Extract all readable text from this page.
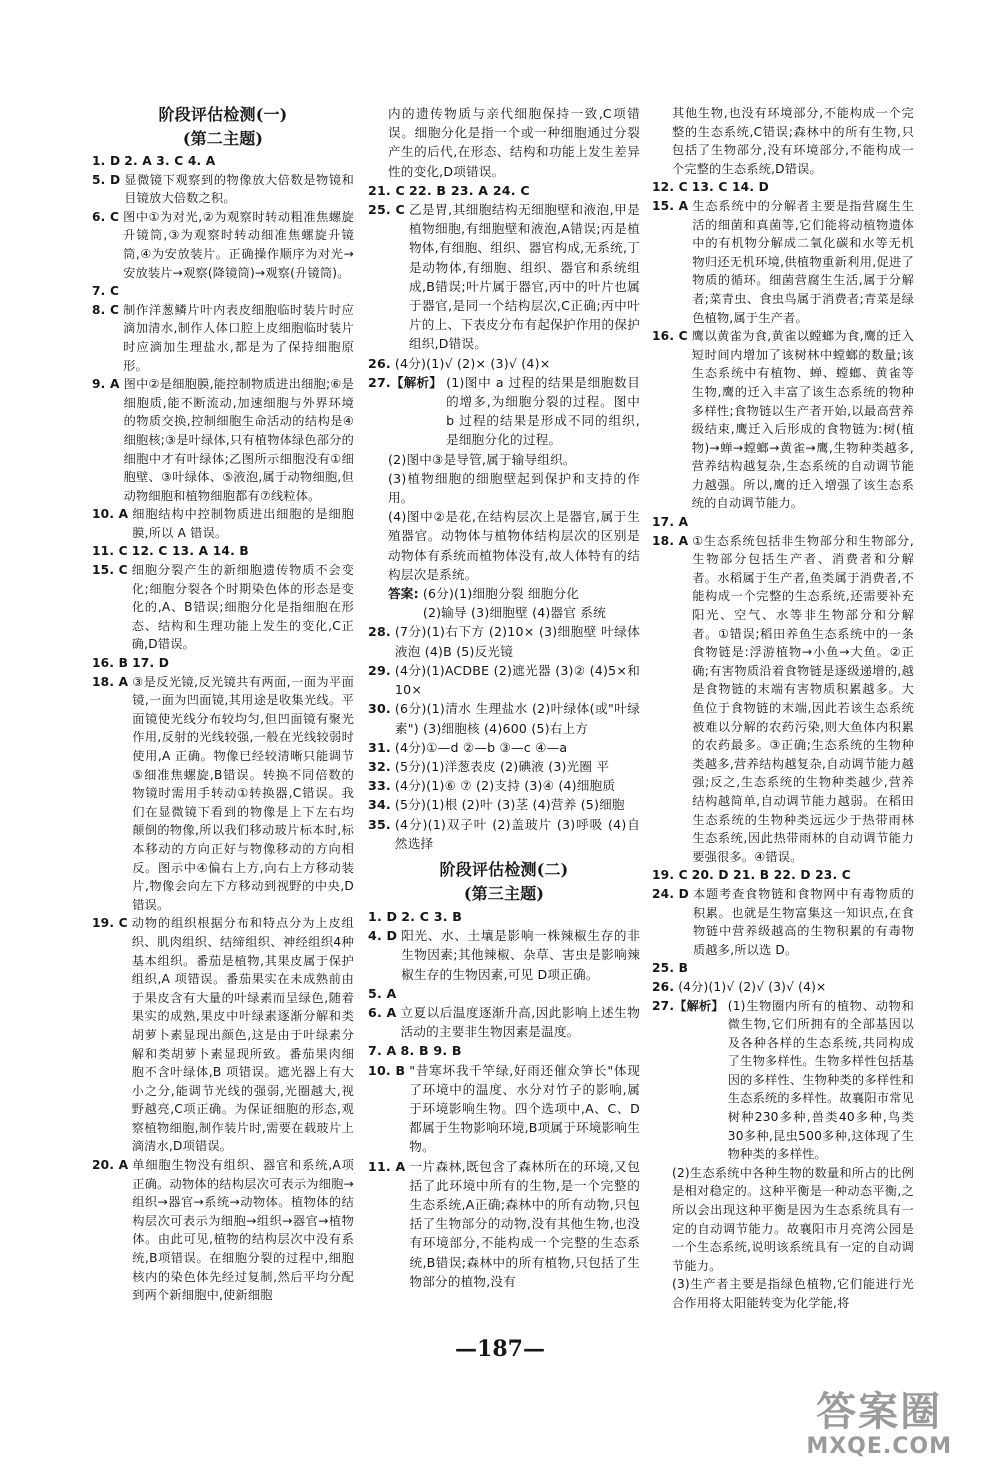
阶段评估检测(一)
(第二主题)
1. D 2. A 3. C 4. A
5. D 显微镜下观察到的物像放大倍数是物镜和目镜放大倍数之积。
6. C 图中①为对光,②为观察时转动粗准焦螺旋升镜筒,③为观察时转动细准焦螺旋升镜筒,④为安放装片。正确操作顺序为对光→安放装片→观察(降镜筒)→观察(升镜筒)。
7. C
8. C 制作洋葱鳞片叶内表皮细胞临时装片时应滴加清水,制作人体口腔上皮细胞临时装片时应滴加生理盐水,都是为了保持细胞原形。
9. A 图中②是细胞膜,能控制物质进出细胞;⑥是细胞质,能不断流动,加速细胞与外界环境的物质交换,控制细胞生命活动的结构是④细胞核;③是叶绿体,只有植物体绿色部分的细胞中才有叶绿体;乙图所示细胞没有①细胞壁、③叶绿体、⑤液泡,属于动物细胞,但动物细胞和植物细胞都有⑦线粒体。
10. A 细胞结构中控制物质进出细胞的是细胞膜,所以 A 错误。
11. C 12. C 13. A 14. B
15. C 细胞分裂产生的新细胞遗传物质不会变化;细胞分裂各个时期染色体的形态是变化的,A、B错误;细胞分化是指细胞在形态、结构和生理功能上发生的变化,C正确,D错误。
16. B 17. D
18. A ③是反光镜,反光镜共有两面,一面为平面镜,一面为凹面镜,其用途是收集光线。平面镜使光线分布较均匀,但凹面镜有聚光作用,反射的光线较强,一般在光线较弱时使用,A 正确。物像已经较清晰只能调节⑤细准焦螺旋,B错误。转换不同倍数的物镜时需用手转动①转换器,C错误。我们在显微镜下看到的物像是上下左右均颠倒的物像,所以我们移动玻片标本时,标本移动的方向正好与物像移动的方向相反。图示中④偏右上方,向右上方移动装片,物像会向左下方移动到视野的中央,D错误。
19. C 动物的组织根据分布和特点分为上皮组织、肌肉组织、结缔组织、神经组织4种基本组织。番茄是植物,其果皮属于保护组织,A 项错误。番茄果实在未成熟前由于果皮含有大量的叶绿素而呈绿色,随着果实的成熟,果皮中叶绿素逐渐分解和类胡萝卜素显现出颜色,这是由于叶绿素分解和类胡萝卜素显现所致。番茄果肉细胞不含叶绿体,B 项错误。遮光器上有大小之分,能调节光线的强弱,光圈越大,视野越亮,C项正确。为保证细胞的形态,观察植物细胞,制作装片时,需要在载玻片上滴清水,D项错误。
20. A 单细胞生物没有组织、器官和系统,A项正确。动物体的结构层次可表示为细胞→组织→器官→系统→动物体。植物体的结构层次可表示为细胞→组织→器官→植物体。由此可见,植物的结构层次中没有系统,B项错误。在细胞分裂的过程中,细胞核内的染色体先经过复制,然后平均分配到两个新细胞中,使新细胞
内的遗传物质与亲代细胞保持一致,C项错误。细胞分化是指一个或一种细胞通过分裂产生的后代,在形态、结构和功能上发生差异性的变化,D项错误。
21. C 22. B 23. A 24. C
25. C 乙是胃,其细胞结构无细胞壁和液泡,甲是植物细胞,有细胞壁和液泡,A错误;丙是植物体,有细胞、组织、器官构成,无系统,丁是动物体,有细胞、组织、器官和系统组成,B错误;叶片属于器官,丙中的叶片也属于器官,是同一个结构层次,C正确;丙中叶片的上、下表皮分布有起保护作用的保护组织,D错误。
26. (4分)(1)√ (2)× (3)√ (4)×
27.【解析】 (1)图中 a 过程的结果是细胞数目的增多,为细胞分裂的过程。图中 b 过程的结果是形成不同的组织,是细胞分化的过程。
(2)图中③是导管,属于输导组织。
(3)植物细胞的细胞壁起到保护和支持的作用。
(4)图中②是花,在结构层次上是器官,属于生殖器官。动物体与植物体结构层次的区别是动物体有系统而植物体没有,故人体特有的结构层次是系统。
答案: (6分)(1)细胞分裂 细胞分化
(2)输导 (3)细胞壁 (4)器官 系统
28. (7分)(1)右下方 (2)10× (3)细胞壁 叶绿体 液泡 (4)B (5)反光镜
29. (4分)(1)ACDBE (2)遮光器 (3)② (4)5×和10×
30. (6分)(1)清水 生理盐水 (2)叶绿体(或"叶绿素") (3)细胞核 (4)600 (5)右上方
31. (4分)①—d ②—b ③—c ④—a
32. (5分)(1)洋葱表皮 (2)碘液 (3)光圈 平
33. (4分)(1)⑥ ⑦ (2)支持 (3)④ (4)细胞质
34. (5分)(1)根 (2)叶 (3)茎 (4)营养 (5)细胞
35. (4分)(1)双子叶 (2)盖玻片 (3)呼吸 (4)自然选择
阶段评估检测(二)
(第三主题)
1. D 2. C 3. B
4. D 阳光、水、土壤是影响一株辣椒生存的非生物因素;其他辣椒、杂草、害虫是影响辣椒生存的生物因素,可见 D项正确。
5. A
6. A 立夏以后温度逐渐升高,因此影响上述生物活动的主要非生物因素是温度。
7. A 8. B 9. B
10. B "昔寒坏我千竿绿,好雨还催众笋长"体现了环境中的温度、水分对竹子的影响,属于环境影响生物。四个选项中,A、C、D都属于生物影响环境,B项属于环境影响生物。
11. A 一片森林,既包含了森林所在的环境,又包括了此环境中所有的生物,是一个完整的生态系统,A正确;森林中的所有动物,只包括了生物部分的动物,没有其他生物,也没有环境部分,不能构成一个完整的生态系统,B错误;森林中的所有植物,只包括了生物部分的植物,没有
其他生物,也没有环境部分,不能构成一个完整的生态系统,C错误;森林中的所有生物,只包括了生物部分,没有环境部分,不能构成一个完整的生态系统,D错误。
12. C 13. C 14. D
15. A 生态系统中的分解者主要是指营腐生生活的细菌和真菌等,它们能将动植物遗体中的有机物分解成二氧化碳和水等无机物归还无机环境,供植物重新利用,促进了物质的循环。细菌营腐生生活,属于分解者;菜青虫、食虫鸟属于消费者;青菜是绿色植物,属于生产者。
16. C 鹰以黄雀为食,黄雀以螳螂为食,鹰的迁入短时间内增加了该树林中螳螂的数量;该生态系统中有植物、蝉、螳螂、黄雀等生物,鹰的迁入丰富了该生态系统的物种多样性;食物链以生产者开始,以最高营养级结束,鹰迁入后形成的食物链为:树(植物)→蝉→螳螂→黄雀→鹰,生物种类越多,营养结构越复杂,生态系统的自动调节能力越强。所以,鹰的迁入增强了该生态系统的自动调节能力。
17. A
18. A ①生态系统包括非生物部分和生物部分,生物部分包括生产者、消费者和分解者。水稻属于生产者,鱼类属于消费者,不能构成一个完整的生态系统,还需要补充阳光、空气、水等非生物部分和分解者。①错误;稻田养鱼生态系统中的一条食物链是:浮游植物→小鱼→大鱼。②正确;有害物质沿着食物链是逐级递增的,越是食物链的末端有害物质积累越多。大鱼位于食物链的末端,因此若该生态系统被难以分解的农药污染,则大鱼体内积累的农药最多。③正确;生态系统的生物种类越多,营养结构越复杂,自动调节能力越强;反之,生态系统的生物种类越少,营养结构越简单,自动调节能力越弱。在稻田生态系统的生物种类远远少于热带雨林生态系统,因此热带雨林的自动调节能力要强很多。④错误。
19. C 20. D 21. B 22. D 23. C
24. D 本题考查食物链和食物网中有毒物质的积累。也就是生物富集这一知识点,在食物链中营养级越高的生物积累的有毒物质越多,所以选 D。
25. B
26. (4分)(1)√ (2)√ (3)√ (4)×
27.【解析】 (1)生物圈内所有的植物、动物和微生物,它们所拥有的全部基因以及各种各样的生态系统,共同构成了生物多样性。生物多样性包括基因的多样性、生物种类的多样性和生态系统的多样性。故襄阳市常见树种230多种,兽类40多种,鸟类30多种,昆虫500多种,这体现了生物种类的多样性。
(2)生态系统中各种生物的数量和所占的比例是相对稳定的。这种平衡是一种动态平衡,之所以会出现这种平衡是因为生态系统具有一定的自动调节能力。故襄阳市月亮湾公园是一个生态系统,说明该系统具有一定的自动调节能力。
(3)生产者主要是指绿色植物,它们能进行光合作用将太阳能转变为化学能,将
—187—
答案圈
MXQE.COM
